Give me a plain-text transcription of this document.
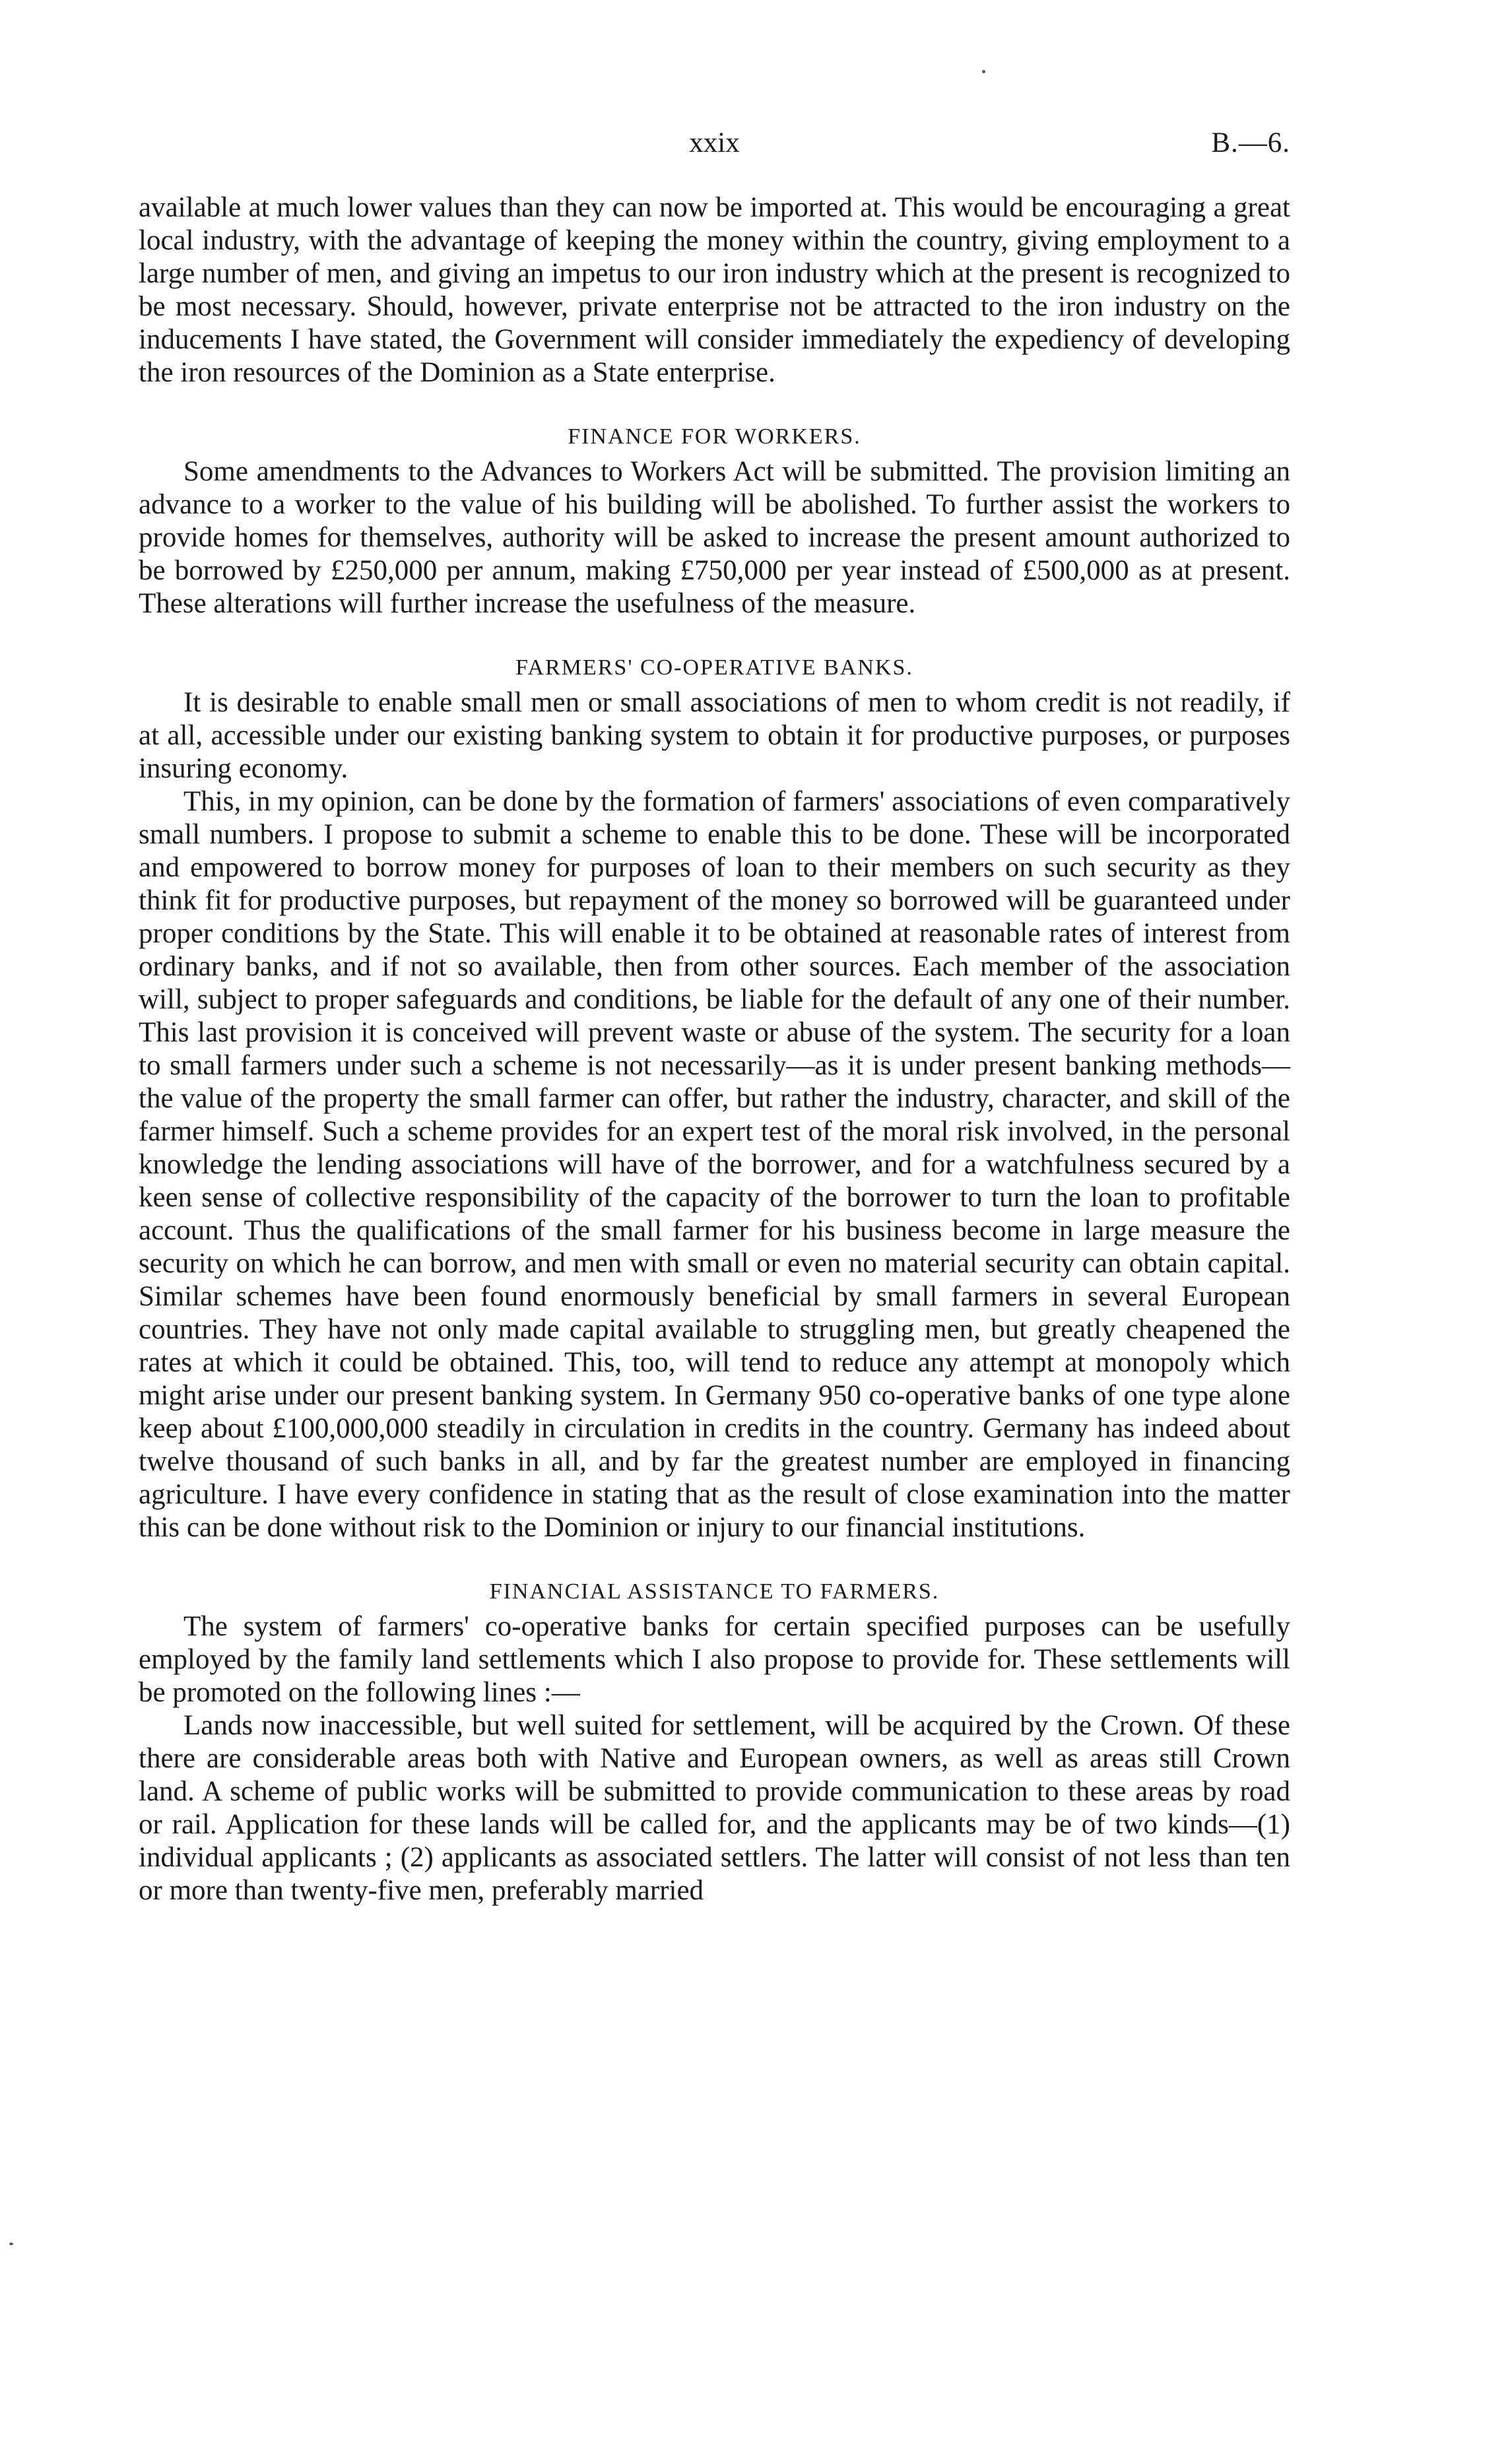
xxix	B.—6.

available at much lower values than they can now be imported at. This would be encouraging a great local industry, with the advantage of keeping the money within the country, giving employment to a large number of men, and giving an impetus to our iron industry which at the present is recognized to be most necessary. Should, however, private enterprise not be attracted to the iron industry on the inducements I have stated, the Government will consider immediately the expediency of developing the iron resources of the Dominion as a State enterprise.

FINANCE FOR WORKERS.

Some amendments to the Advances to Workers Act will be submitted. The provision limiting an advance to a worker to the value of his building will be abolished. To further assist the workers to provide homes for themselves, authority will be asked to increase the present amount authorized to be borrowed by £250,000 per annum, making £750,000 per year instead of £500,000 as at present. These alterations will further increase the usefulness of the measure.

FARMERS' CO-OPERATIVE BANKS.

It is desirable to enable small men or small associations of men to whom credit is not readily, if at all, accessible under our existing banking system to obtain it for productive purposes, or purposes insuring economy.

This, in my opinion, can be done by the formation of farmers' associations of even comparatively small numbers. I propose to submit a scheme to enable this to be done. These will be incorporated and empowered to borrow money for purposes of loan to their members on such security as they think fit for productive purposes, but repayment of the money so borrowed will be guaranteed under proper conditions by the State. This will enable it to be obtained at reasonable rates of interest from ordinary banks, and if not so available, then from other sources. Each member of the association will, subject to proper safeguards and conditions, be liable for the default of any one of their number. This last provision it is conceived will prevent waste or abuse of the system. The security for a loan to small farmers under such a scheme is not necessarily—as it is under present banking methods—the value of the property the small farmer can offer, but rather the industry, character, and skill of the farmer himself. Such a scheme provides for an expert test of the moral risk involved, in the personal knowledge the lending associations will have of the borrower, and for a watchfulness secured by a keen sense of collective responsibility of the capacity of the borrower to turn the loan to profitable account. Thus the qualifications of the small farmer for his business become in large measure the security on which he can borrow, and men with small or even no material security can obtain capital. Similar schemes have been found enormously beneficial by small farmers in several European countries. They have not only made capital available to struggling men, but greatly cheapened the rates at which it could be obtained. This, too, will tend to reduce any attempt at monopoly which might arise under our present banking system. In Germany 950 co-operative banks of one type alone keep about £100,000,000 steadily in circulation in credits in the country. Germany has indeed about twelve thousand of such banks in all, and by far the greatest number are employed in financing agriculture. I have every confidence in stating that as the result of close examination into the matter this can be done without risk to the Dominion or injury to our financial institutions.

FINANCIAL ASSISTANCE TO FARMERS.

The system of farmers' co-operative banks for certain specified purposes can be usefully employed by the family land settlements which I also propose to provide for. These settlements will be promoted on the following lines :—

Lands now inaccessible, but well suited for settlement, will be acquired by the Crown. Of these there are considerable areas both with Native and European owners, as well as areas still Crown land. A scheme of public works will be submitted to provide communication to these areas by road or rail. Application for these lands will be called for, and the applicants may be of two kinds—(1) individual applicants ; (2) applicants as associated settlers. The latter will consist of not less than ten or more than twenty-five men, preferably married
